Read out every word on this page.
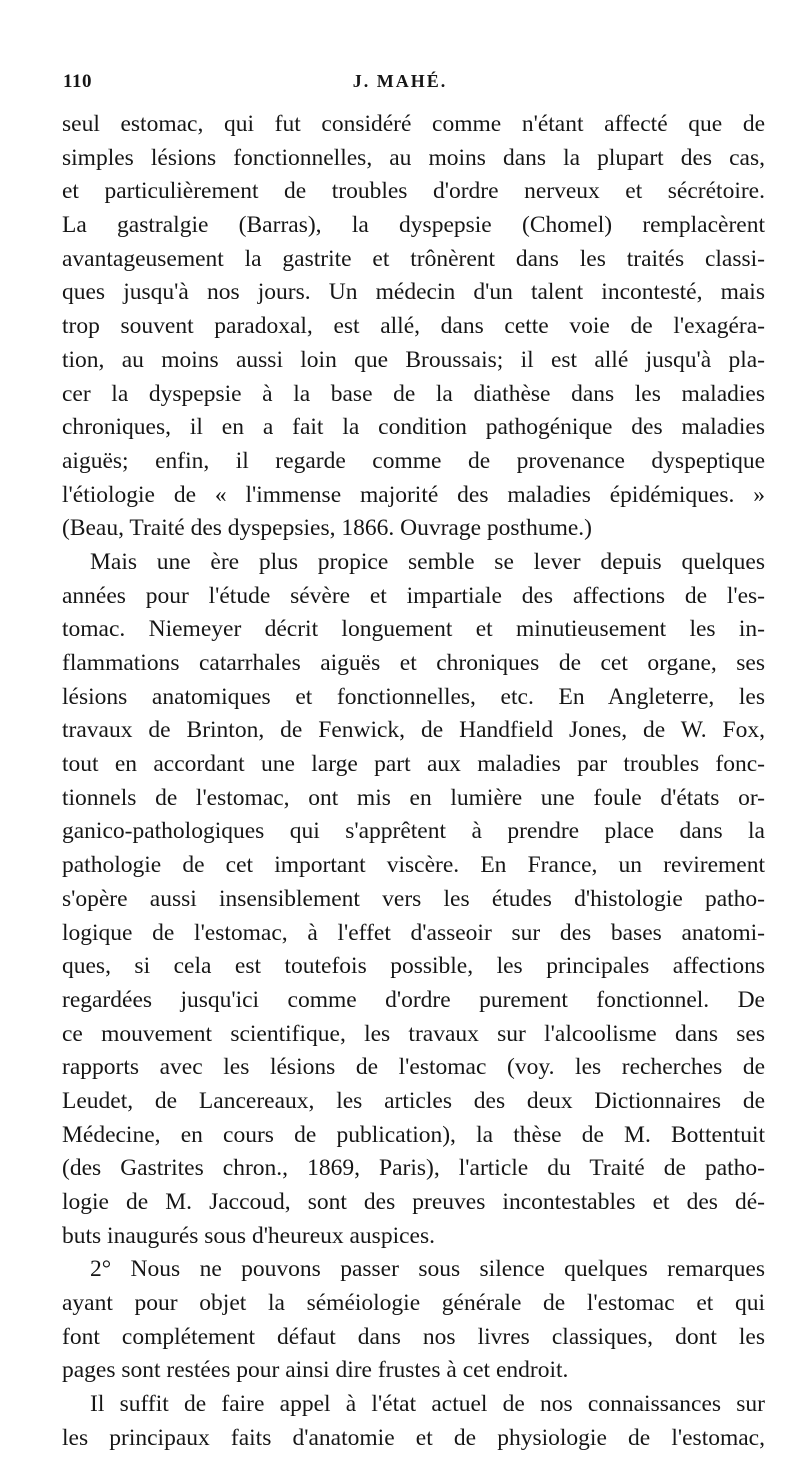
110	J. MAHÉ.
seul estomac, qui fut considéré comme n'étant affecté que de
simples lésions fonctionnelles, au moins dans la plupart des cas,
et particulièrement de troubles d'ordre nerveux et sécrétoire.
La gastralgie (Barras), la dyspepsie (Chomel) remplacèrent
avantageusement la gastrite et trônèrent dans les traités classi-
ques jusqu'à nos jours. Un médecin d'un talent incontesté, mais
trop souvent paradoxal, est allé, dans cette voie de l'exagéra-
tion, au moins aussi loin que Broussais; il est allé jusqu'à pla-
cer la dyspepsie à la base de la diathèse dans les maladies
chroniques, il en a fait la condition pathogénique des maladies
aiguës; enfin, il regarde comme de provenance dyspeptique
l'étiologie de « l'immense majorité des maladies épidémiques. »
(Beau, Traité des dyspepsies, 1866. Ouvrage posthume.)
Mais une ère plus propice semble se lever depuis quelques
années pour l'étude sévère et impartiale des affections de l'es-
tomac. Niemeyer décrit longuement et minutieusement les in-
flammations catarrhales aiguës et chroniques de cet organe, ses
lésions anatomiques et fonctionnelles, etc. En Angleterre, les
travaux de Brinton, de Fenwick, de Handfield Jones, de W. Fox,
tout en accordant une large part aux maladies par troubles fonc-
tionnels de l'estomac, ont mis en lumière une foule d'états or-
ganico-pathologiques qui s'apprêtent à prendre place dans la
pathologie de cet important viscère. En France, un revirement
s'opère aussi insensiblement vers les études d'histologie patho-
logique de l'estomac, à l'effet d'asseoir sur des bases anatomi-
ques, si cela est toutefois possible, les principales affections
regardées jusqu'ici comme d'ordre purement fonctionnel. De
ce mouvement scientifique, les travaux sur l'alcoolisme dans ses
rapports avec les lésions de l'estomac (voy. les recherches de
Leudet, de Lancereaux, les articles des deux Dictionnaires de
Médecine, en cours de publication), la thèse de M. Bottentuit
(des Gastrites chron., 1869, Paris), l'article du Traité de patho-
logie de M. Jaccoud, sont des preuves incontestables et des dé-
buts inaugurés sous d'heureux auspices.
2° Nous ne pouvons passer sous silence quelques remarques
ayant pour objet la séméiologie générale de l'estomac et qui
font complétement défaut dans nos livres classiques, dont les
pages sont restées pour ainsi dire frustes à cet endroit.
Il suffit de faire appel à l'état actuel de nos connaissances sur
les principaux faits d'anatomie et de physiologie de l'estomac,
